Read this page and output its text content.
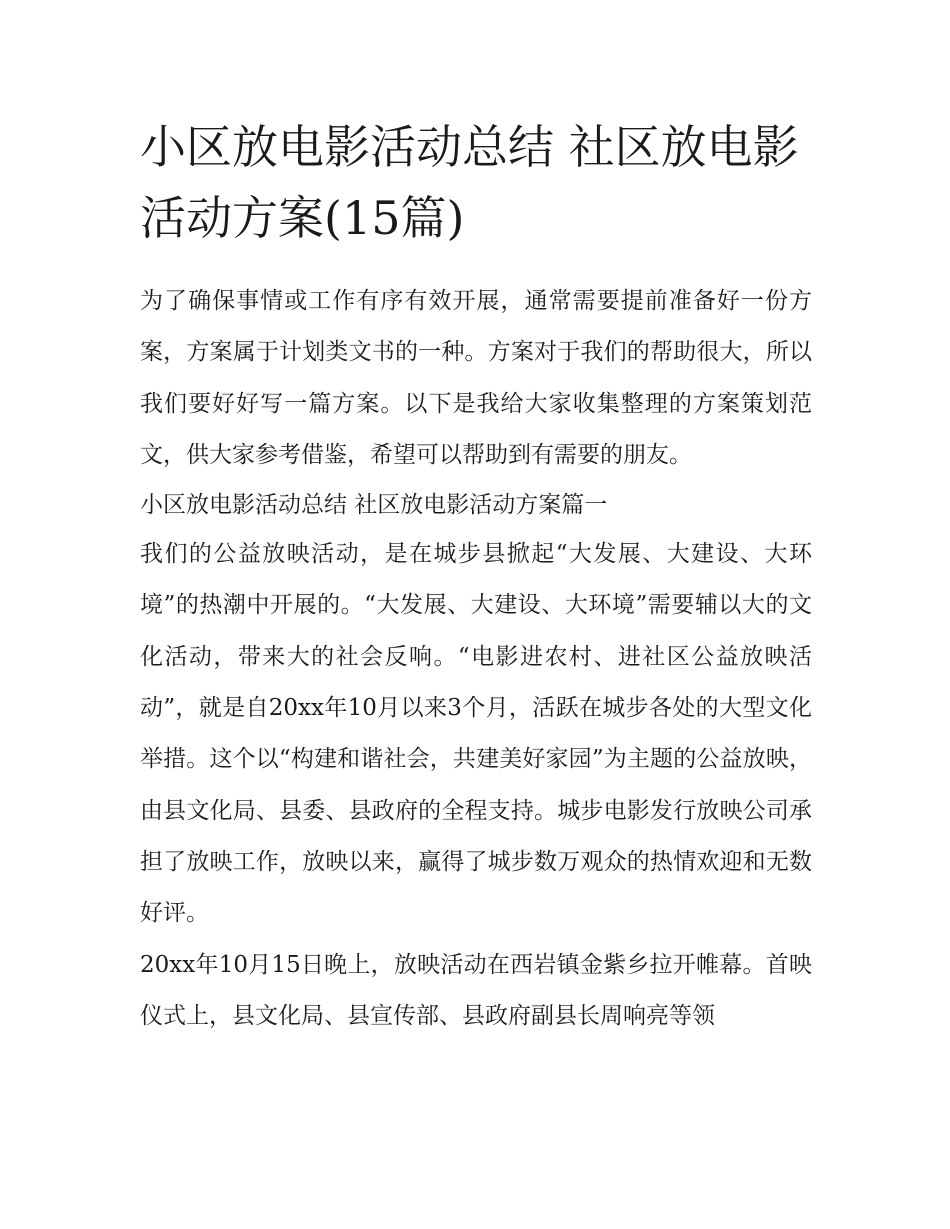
小区放电影活动总结 社区放电影活动方案(15篇)

为了确保事情或工作有序有效开展，通常需要提前准备好一份方案，方案属于计划类文书的一种。方案对于我们的帮助很大，所以我们要好好写一篇方案。以下是我给大家收集整理的方案策划范文，供大家参考借鉴，希望可以帮助到有需要的朋友。

小区放电影活动总结 社区放电影活动方案篇一

我们的公益放映活动，是在城步县掀起“大发展、大建设、大环境”的热潮中开展的。“大发展、大建设、大环境”需要辅以大的文化活动，带来大的社会反响。“电影进农村、进社区公益放映活动”，就是自20xx年10月以来3个月，活跃在城步各处的大型文化举措。这个以“构建和谐社会，共建美好家园”为主题的公益放映，由县文化局、县委、县政府的全程支持。城步电影发行放映公司承担了放映工作，放映以来，赢得了城步数万观众的热情欢迎和无数好评。

20xx年10月15日晚上，放映活动在西岩镇金紫乡拉开帷幕。首映仪式上，县文化局、县宣传部、县政府副县长周响亮等领
